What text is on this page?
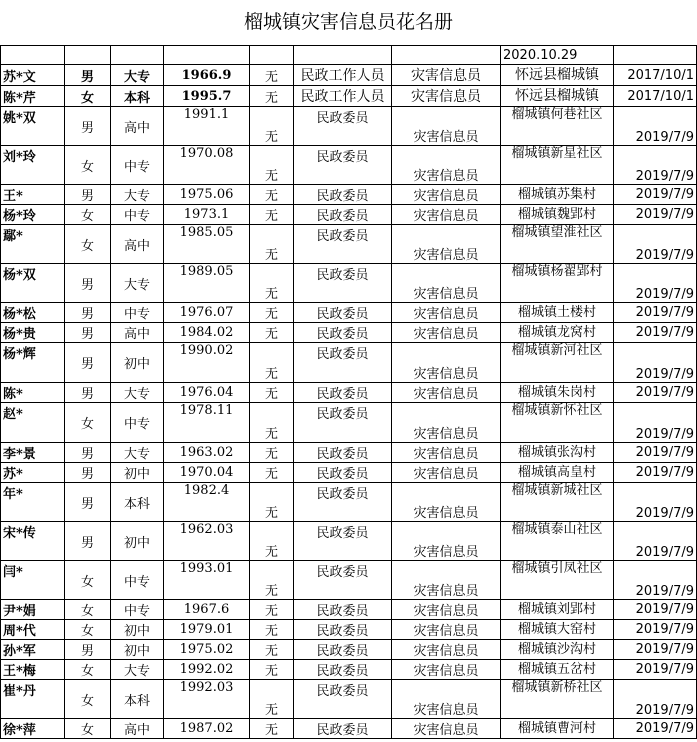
榴城镇灾害信息员花名册
							2020.10.29	
苏*文	男	大专	1966.9	无	民政工作人员	灾害信息员	怀远县榴城镇	2017/10/1
陈*芹	女	本科	1995.7	无	民政工作人员	灾害信息员	怀远县榴城镇	2017/10/1
姚*双	男	高中	1991.1	无	民政委员	灾害信息员	榴城镇何巷社区	2019/7/9
刘*玲	女	中专	1970.08	无	民政委员	灾害信息员	榴城镇新星社区	2019/7/9
王*	男	大专	1975.06	无	民政委员	灾害信息员	榴城镇苏集村	2019/7/9
杨*玲	女	中专	1973.1	无	民政委员	灾害信息员	榴城镇魏郢村	2019/7/9
鄢*	女	高中	1985.05	无	民政委员	灾害信息员	榴城镇望淮社区	2019/7/9
杨*双	男	大专	1989.05	无	民政委员	灾害信息员	榴城镇杨翟郢村	2019/7/9
杨*松	男	中专	1976.07	无	民政委员	灾害信息员	榴城镇土楼村	2019/7/9
杨*贵	男	高中	1984.02	无	民政委员	灾害信息员	榴城镇龙窝村	2019/7/9
杨*辉	男	初中	1990.02	无	民政委员	灾害信息员	榴城镇新河社区	2019/7/9
陈*	男	大专	1976.04	无	民政委员	灾害信息员	榴城镇朱岗村	2019/7/9
赵*	女	中专	1978.11	无	民政委员	灾害信息员	榴城镇新怀社区	2019/7/9
李*景	男	大专	1963.02	无	民政委员	灾害信息员	榴城镇张沟村	2019/7/9
苏*	男	初中	1970.04	无	民政委员	灾害信息员	榴城镇高皇村	2019/7/9
年*	男	本科	1982.4	无	民政委员	灾害信息员	榴城镇新城社区	2019/7/9
宋*传	男	初中	1962.03	无	民政委员	灾害信息员	榴城镇泰山社区	2019/7/9
闫*	女	中专	1993.01	无	民政委员	灾害信息员	榴城镇引凤社区	2019/7/9
尹*娟	女	中专	1967.6	无	民政委员	灾害信息员	榴城镇刘郢村	2019/7/9
周*代	女	初中	1979.01	无	民政委员	灾害信息员	榴城镇大窑村	2019/7/9
孙*军	男	初中	1975.02	无	民政委员	灾害信息员	榴城镇沙沟村	2019/7/9
王*梅	女	大专	1992.02	无	民政委员	灾害信息员	榴城镇五岔村	2019/7/9
崔*丹	女	本科	1992.03	无	民政委员	灾害信息员	榴城镇新桥社区	2019/7/9
徐*萍	女	高中	1987.02	无	民政委员	灾害信息员	榴城镇曹河村	2019/7/9
